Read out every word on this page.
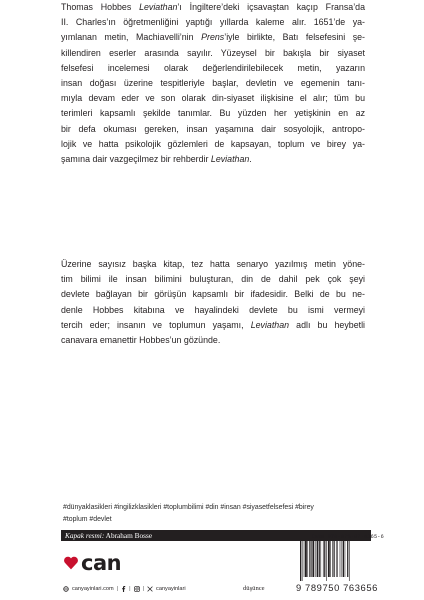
Thomas Hobbes Leviathan’ı İngiltere’deki içsavaştan kaçıp Fransa’da
II. Charles’ın öğretmenliğini yaptığı yıllarda kaleme alır. 1651’de ya-
yımlanan metin, Machiavelli’nin Prens’iyle birlikte, Batı felsefesini şe-
killendiren eserler arasında sayılır. Yüzeysel bir bakışla bir siyaset
felsefesi incelemesi olarak değerlendirilebilecek metin, yazarın
insan doğası üzerine tespitleriyle başlar, devletin ve egemenin tanı-
mıyla devam eder ve son olarak din-siyaset ilişkisine el alır; tüm bu
terimleri kapsamlı şekilde tanımlar. Bu yüzden her yetişkinin en az
bir defa okuması gereken, insan yaşamına dair sosyolojik, antropo-
lojik ve hatta psikolojik gözlemleri de kapsayan, toplum ve birey ya-
şamına dair vazgeçilmez bir rehberdir Leviathan.
Üzerine sayısız başka kitap, tez hatta senaryo yazılmış metin yöne-
tim bilimi ile insan bilimini buluşturan, din de dahil pek çok şeyi
devlete bağlayan bir görüşün kapsamlı bir ifadesidir. Belki de bu ne-
denle Hobbes kitabına ve hayalindeki devlete bu ismi vermeyi
tercih eder; insanın ve toplumun yaşamı, Leviathan adlı bu heybetli
canavara emanettir Hobbes’un gözünde.
#dünyaklasikleri #ingilizklasikleri #toplumbilimi #din #insan #siyasetfelsefesi #birey
#toplum #devlet
Kapak resmi: Abraham Bosse	ISBN 978-975-07-6365-6
9 789750 763656
can
canyayinlari.com | | | canyayinlari	düşünce
